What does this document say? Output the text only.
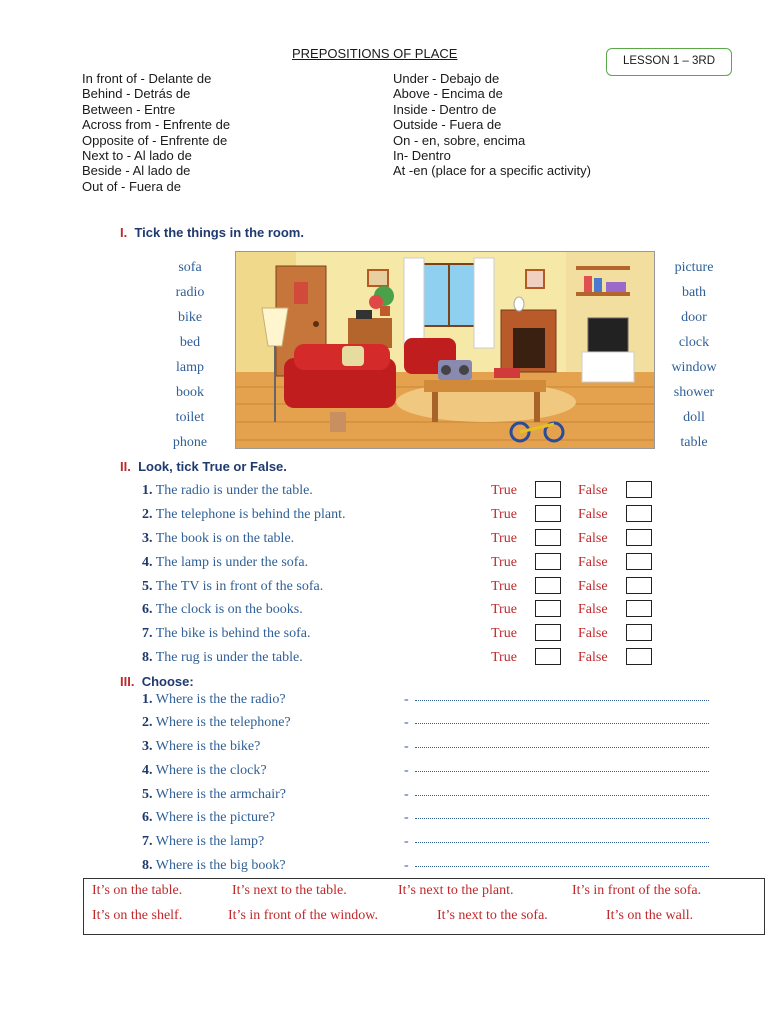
PREPOSITIONS OF PLACE	LESSON 1 – 3RD
In front of - Delante de
Behind - Detrás de
Between - Entre
Across from - Enfrente de
Opposite of - Enfrente de
Next to - Al lado de
Beside - Al lado de
Out of - Fuera de
Under - Debajo de
Above - Encima de
Inside - Dentro de
Outside - Fuera de
On - en, sobre, encima
In- Dentro
At -en (place for a specific activity)
I. Tick the things in the room.
sofa
radio
bike
bed
lamp
book
toilet
phone
picture
bath
door
clock
window
shower
doll
table
II. Look, tick True or False.
1. The radio is under the table.	True	False
2. The telephone is behind the plant.	True	False
3. The book is on the table.	True	False
4. The lamp is under the sofa.	True	False
5. The TV is in front of the sofa.	True	False
6. The clock is on the books.	True	False
7. The bike is behind the sofa.	True	False
8. The rug is under the table.	True	False
III. Choose:
1. Where is the the radio?	-
2. Where is the telephone?	-
3. Where is the bike?	-
4. Where is the clock?	-
5. Where is the armchair?	-
6. Where is the picture?	-
7. Where is the lamp?	-
8. Where is the big book?	-
It’s on the table.	It’s next to the table.	It’s next to the plant.	It’s in front of the sofa.
It’s on the shelf.	It’s in front of the window.	It’s next to the sofa.	It’s on the wall.
